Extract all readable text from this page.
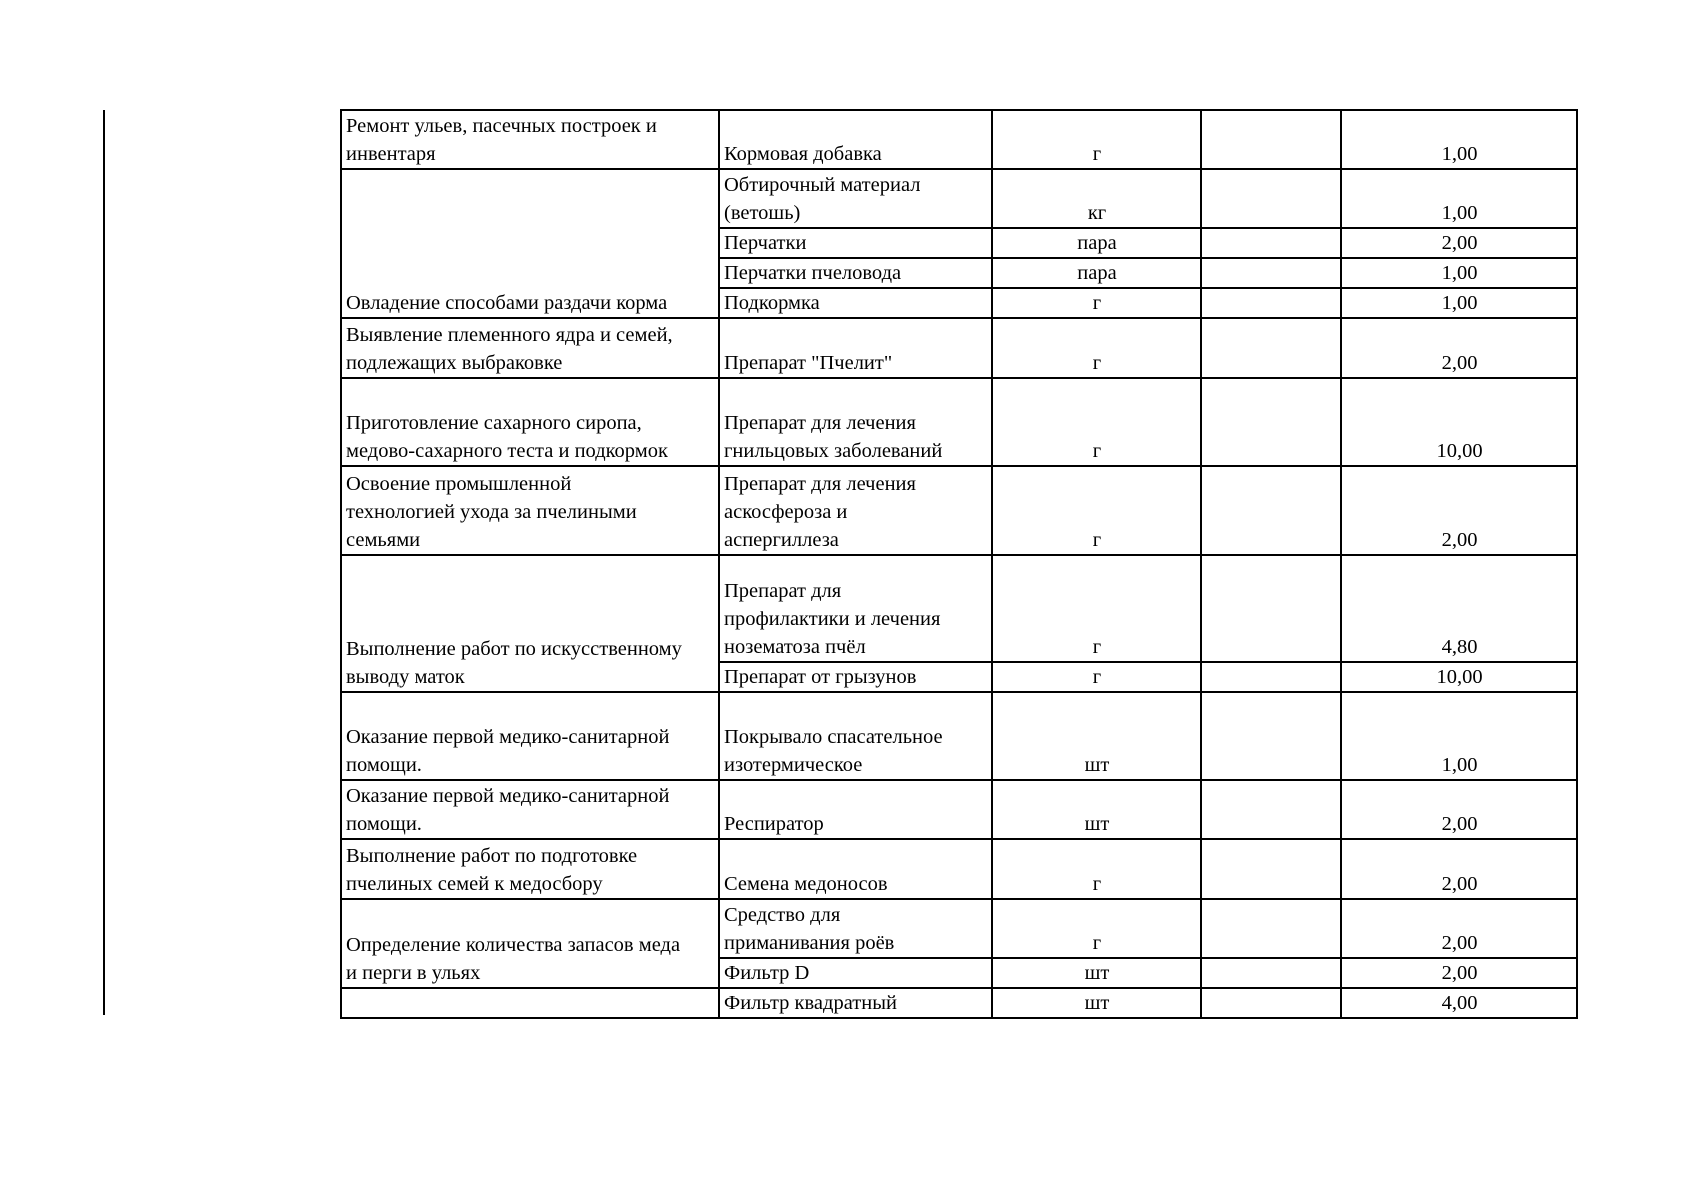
Ремонт ульев, пасечных построек и
инвентаря	Кормовая добавка	г		1,00
Овладение способами раздачи корма	Обтирочный материал
(ветошь)	кг		1,00
	Перчатки	пара		2,00
	Перчатки пчеловода	пара		1,00
	Подкормка	г		1,00
Выявление племенного ядра и семей,
подлежащих выбраковке	Препарат "Пчелит"	г		2,00
Приготовление сахарного сиропа,
медово-сахарного теста и подкормок	Препарат для лечения
гнильцовых заболеваний	г		10,00
Освоение промышленной
технологией ухода за пчелиными
семьями	Препарат для лечения
аскосфероза и
аспергиллеза	г		2,00
Выполнение работ по искусственному
выводу маток	Препарат для
профилактики и лечения
нозематоза пчёл	г		4,80
	Препарат от грызунов	г		10,00
Оказание первой медико-санитарной
помощи.	Покрывало спасательное
изотермическое	шт		1,00
Оказание первой медико-санитарной
помощи.	Респиратор	шт		2,00
Выполнение работ по подготовке
пчелиных семей к медосбору	Семена медоносов	г		2,00
Определение количества запасов меда
и перги в ульях	Средство для
приманивания роёв	г		2,00
	Фильтр D	шт		2,00
	Фильтр квадратный	шт		4,00
